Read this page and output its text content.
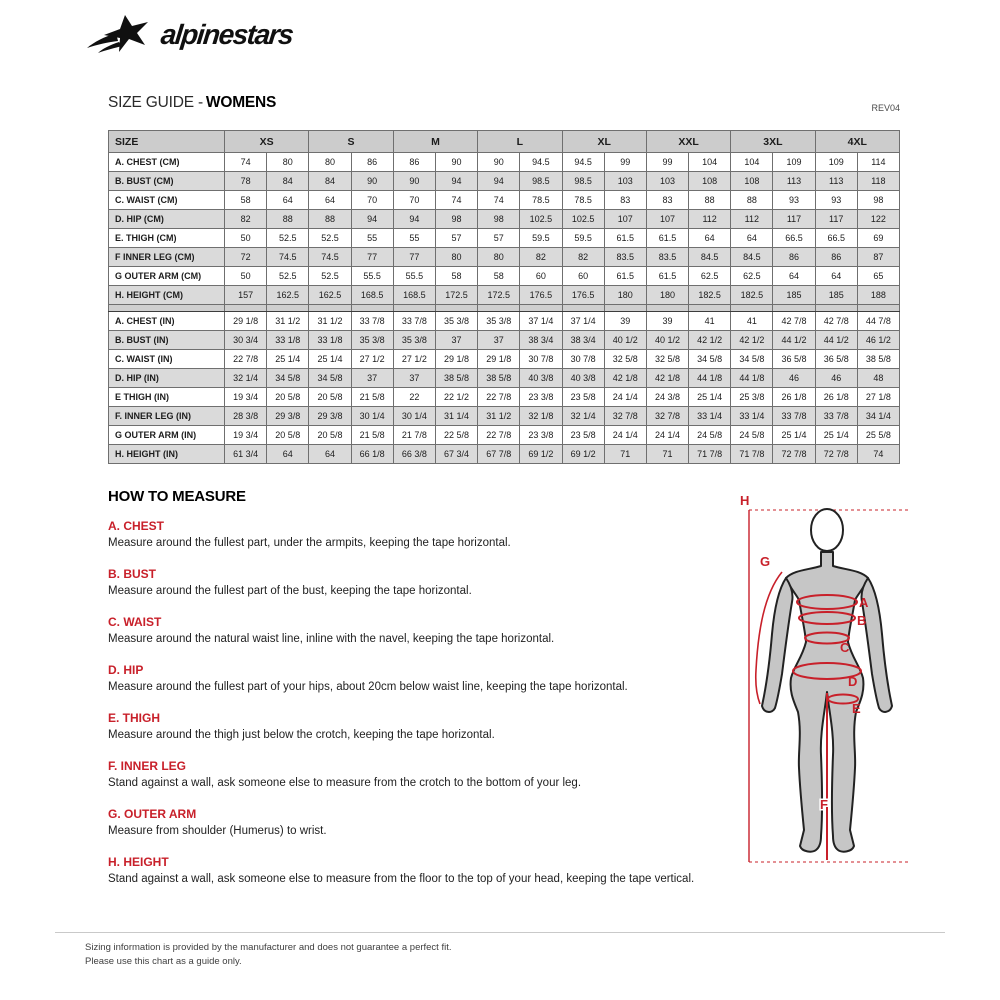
alpinestars
SIZE GUIDE - WOMENS	REV04
SIZE	XS		S		M		L		XL		XXL		3XL		4XL	
A. CHEST (CM)	74	80	80	86	86	90	90	94.5	94.5	99	99	104	104	109	109	114
B. BUST (CM)	78	84	84	90	90	94	94	98.5	98.5	103	103	108	108	113	113	118
C. WAIST (CM)	58	64	64	70	70	74	74	78.5	78.5	83	83	88	88	93	93	98
D. HIP (CM)	82	88	88	94	94	98	98	102.5	102.5	107	107	112	112	117	117	122
E. THIGH (CM)	50	52.5	52.5	55	55	57	57	59.5	59.5	61.5	61.5	64	64	66.5	66.5	69
F INNER LEG (CM)	72	74.5	74.5	77	77	80	80	82	82	83.5	83.5	84.5	84.5	86	86	87
G OUTER ARM (CM)	50	52.5	52.5	55.5	55.5	58	58	60	60	61.5	61.5	62.5	62.5	64	64	65
H. HEIGHT (CM)	157	162.5	162.5	168.5	168.5	172.5	172.5	176.5	176.5	180	180	182.5	182.5	185	185	188

A. CHEST (IN)	29 1/8	31 1/2	31 1/2	33 7/8	33 7/8	35 3/8	35 3/8	37 1/4	37 1/4	39	39	41	41	42 7/8	42 7/8	44 7/8
B. BUST (IN)	30 3/4	33 1/8	33 1/8	35 3/8	35 3/8	37	37	38 3/4	38 3/4	40 1/2	40 1/2	42 1/2	42 1/2	44 1/2	44 1/2	46 1/2
C. WAIST (IN)	22 7/8	25 1/4	25 1/4	27 1/2	27 1/2	29 1/8	29 1/8	30 7/8	30 7/8	32 5/8	32 5/8	34 5/8	34 5/8	36 5/8	36 5/8	38 5/8
D. HIP (IN)	32 1/4	34 5/8	34 5/8	37	37	38 5/8	38 5/8	40 3/8	40 3/8	42 1/8	42 1/8	44 1/8	44 1/8	46	46	48
E THIGH (IN)	19 3/4	20 5/8	20 5/8	21 5/8	22	22 1/2	22 7/8	23 3/8	23 5/8	24 1/4	24 3/8	25 1/4	25 3/8	26 1/8	26 1/8	27 1/8
F. INNER LEG (IN)	28 3/8	29 3/8	29 3/8	30 1/4	30 1/4	31 1/4	31 1/2	32 1/8	32 1/4	32 7/8	32 7/8	33 1/4	33 1/4	33 7/8	33 7/8	34 1/4
G OUTER ARM (IN)	19 3/4	20 5/8	20 5/8	21 5/8	21 7/8	22 5/8	22 7/8	23 3/8	23 5/8	24 1/4	24 1/4	24 5/8	24 5/8	25 1/4	25 1/4	25 5/8
H. HEIGHT (IN)	61 3/4	64	64	66 1/8	66 3/8	67 3/4	67 7/8	69 1/2	69 1/2	71	71	71 7/8	71 7/8	72 7/8	72 7/8	74
HOW TO MEASURE
A. CHEST

Measure around the fullest part, under the armpits, keeping the tape horizontal.

B. BUST

Measure around the fullest part of the bust, keeping the tape horizontal.

C. WAIST

Measure around the natural waist line, inline with the navel, keeping the tape horizontal.

D. HIP

Measure around the fullest part of your hips, about 20cm below waist line, keeping the tape horizontal.

E. THIGH

Measure around the thigh just below the crotch, keeping the tape horizontal.

F. INNER LEG

Stand against a wall, ask someone else to measure from the crotch to the bottom of your leg.

G. OUTER ARM

Measure from shoulder (Humerus) to wrist.

H. HEIGHT

Stand against a wall, ask someone else to measure from the floor to the top of your head, keeping the tape vertical.

A
B
C
D
E
F
G
H

Sizing information is provided by the manufacturer and does not guarantee a perfect fit.

Please use this chart as a guide only.
